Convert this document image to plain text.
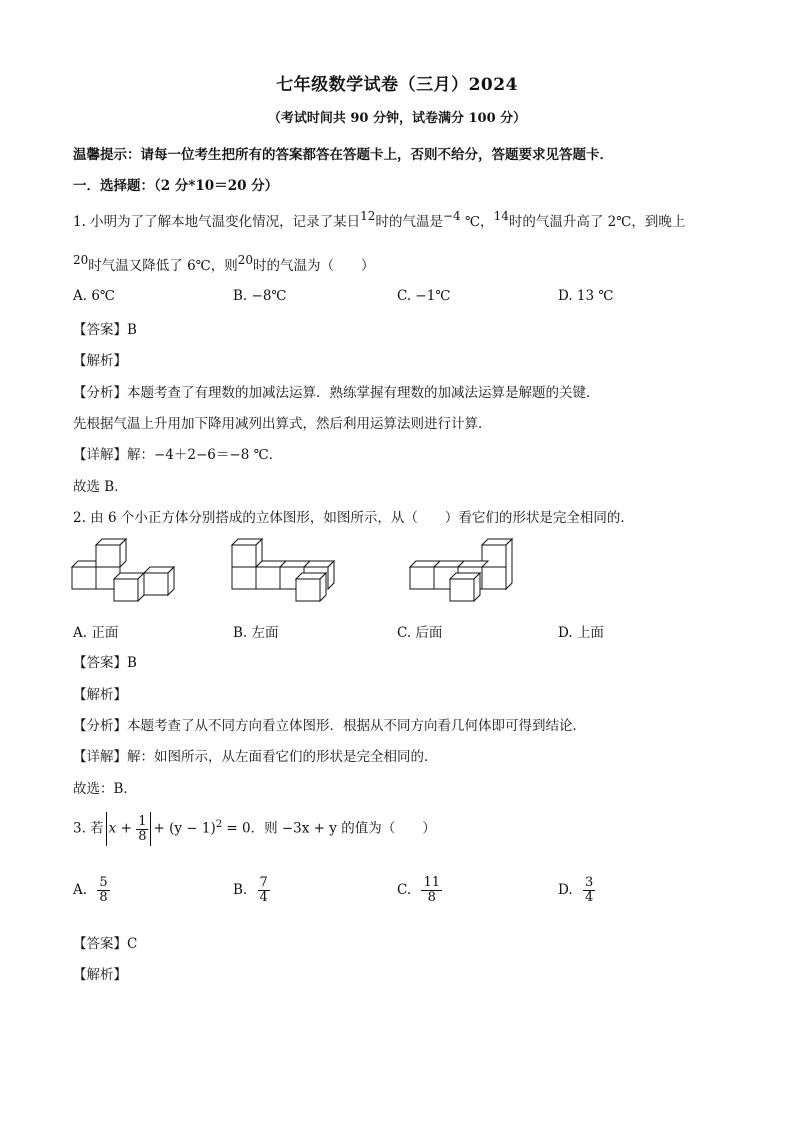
七年级数学试卷（三月）2024
（考试时间共 90 分钟，试卷满分 100 分）
温馨提示：请每一位考生把所有的答案都答在答题卡上，否则不给分，答题要求见答题卡．
一．选择题：（2 分*10＝20 分）
1. 小明为了了解本地气温变化情况，记录了某日12时的气温是−4 ℃，14时的气温升高了 2℃，到晚上
20时气温又降低了 6℃，则20时的气温为（　　）
A. 6℃	B. −8℃	C. −1℃	D. 13 ℃
【答案】B
【解析】
【分析】本题考查了有理数的加减法运算．熟练掌握有理数的加减法运算是解题的关键．
先根据气温上升用加下降用减列出算式，然后利用运算法则进行计算．
【详解】解：−4＋2−6＝−8 ℃．
故选 B．
2. 由 6 个小正方体分别搭成的立体图形，如图所示，从（　　）看它们的形状是完全相同的．
A. 正面	B. 左面	C. 后面	D. 上面
【答案】B
【解析】
【分析】本题考查了从不同方向看立体图形．根据从不同方向看几何体即可得到结论．
【详解】解：如图所示，从左面看它们的形状是完全相同的．
故选：B．
3. 若 $x + \frac{1}{8} + (y - 1)^2 = 0$．则 −3x + y 的值为（　　）
A. $\frac{5}{8}$	B. $\frac{7}{4}$	C. $\frac{11}{8}$	D. $\frac{3}{4}$
【答案】C
【解析】
